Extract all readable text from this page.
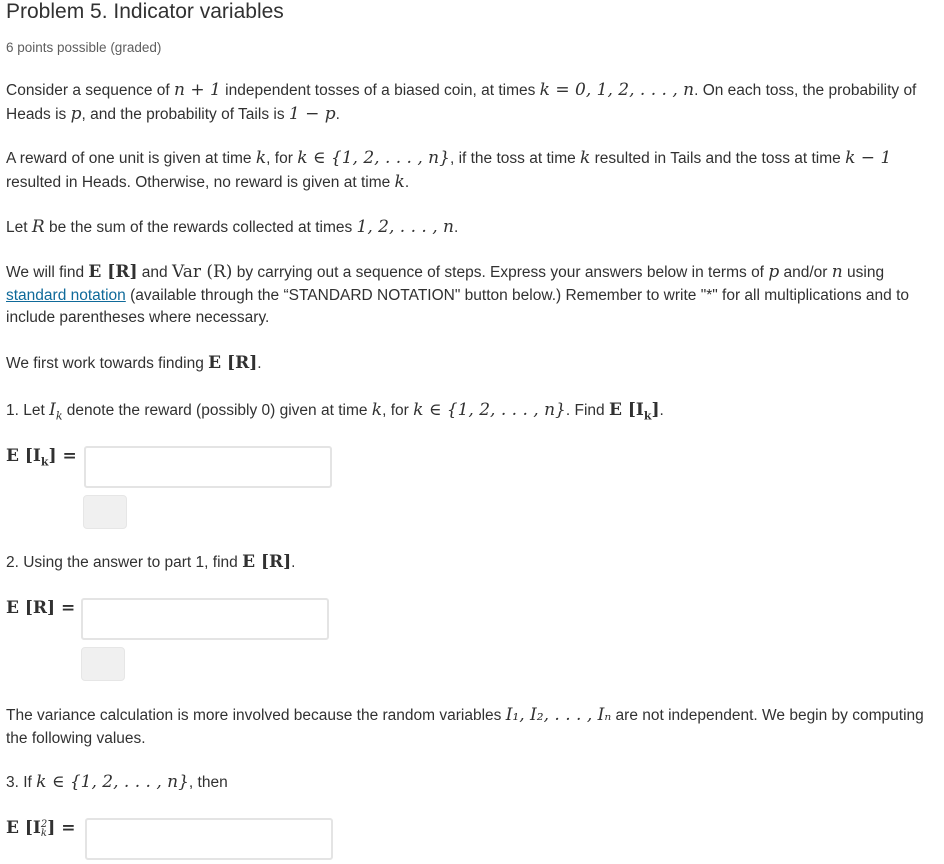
Problem 5. Indicator variables
6 points possible (graded)
Consider a sequence of n + 1 independent tosses of a biased coin, at times k = 0, 1, 2, . . . , n. On each toss, the probability of Heads is p, and the probability of Tails is 1 − p.
A reward of one unit is given at time k, for k ∈ {1, 2, . . . , n}, if the toss at time k resulted in Tails and the toss at time k − 1 resulted in Heads. Otherwise, no reward is given at time k.
Let R be the sum of the rewards collected at times 1, 2, . . . , n.
We will find E [R] and Var (R) by carrying out a sequence of steps. Express your answers below in terms of p and/or n using standard notation (available through the “STANDARD NOTATION" button below.) Remember to write "*" for all multiplications and to include parentheses where necessary.
We first work towards finding E [R].
1. Let $I_k$ denote the reward (possibly 0) given at time k, for k ∈ {1, 2, . . . , n}. Find E $[I_k]$.
E $[I_k]$ =
2. Using the answer to part 1, find E [R].
E [R] =
The variance calculation is more involved because the random variables I₁, I₂, . . . , Iₙ are not independent. We begin by computing the following values.
3. If k ∈ {1, 2, . . . , n}, then
E [I2
k] =
